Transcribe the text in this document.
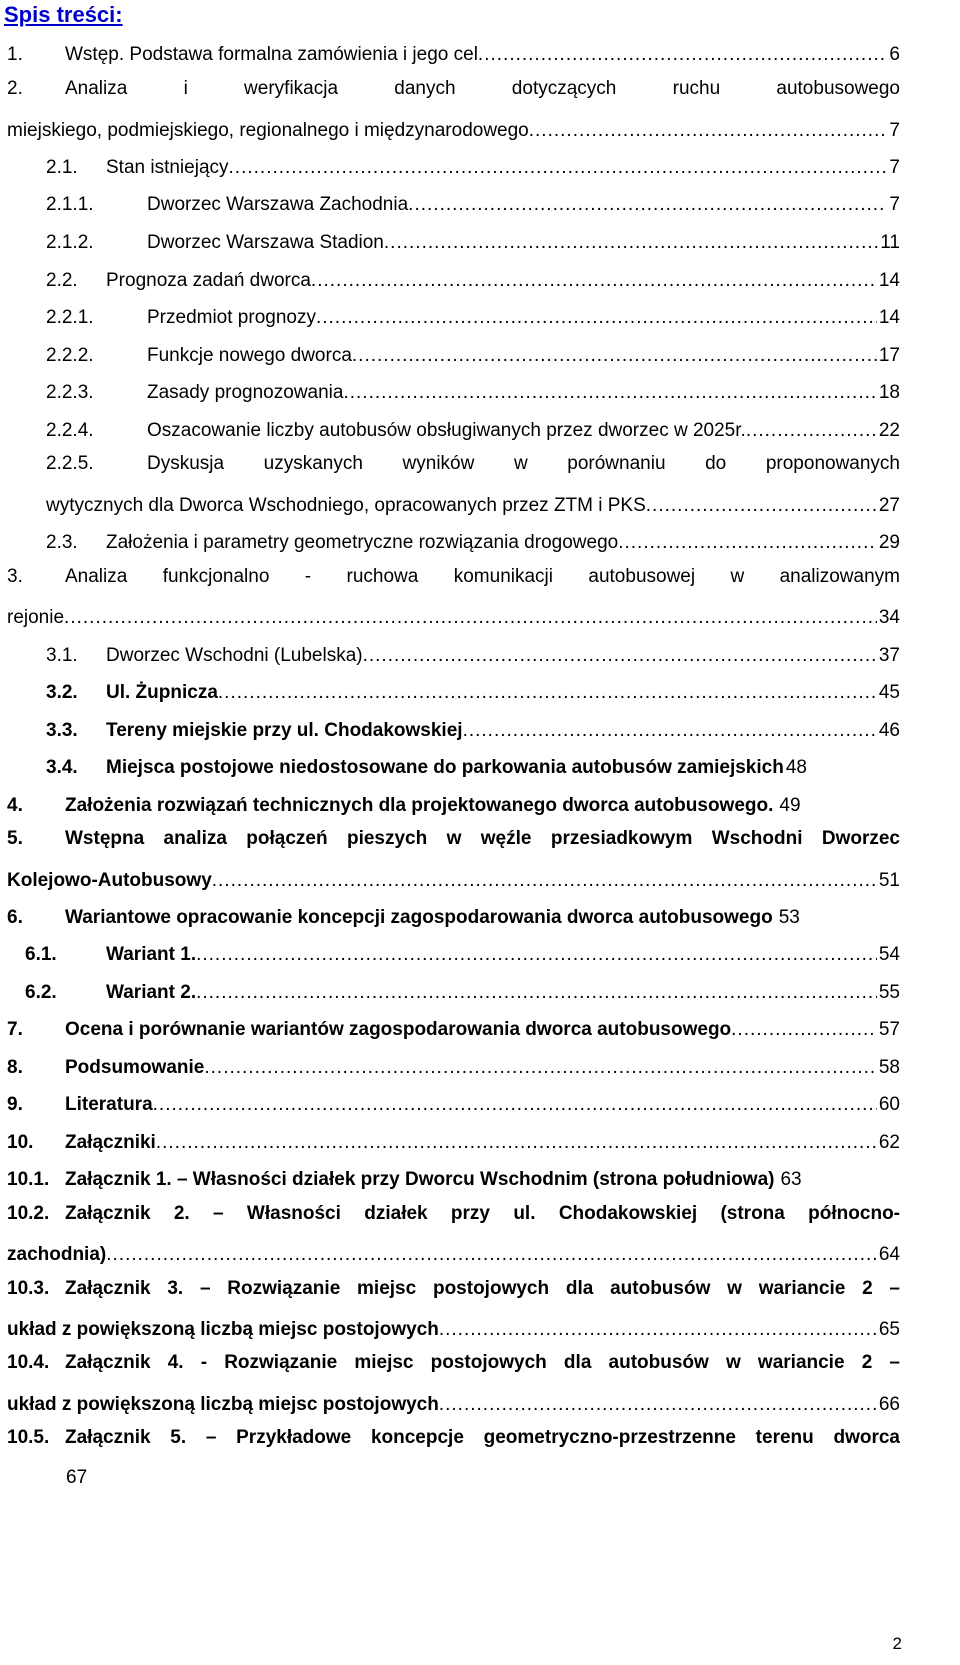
Spis treści:
1.	Wstęp. Podstawa formalna zamówienia i jego cel .....	6
2. Analiza i weryfikacja danych dotyczących ruchu autobusowego
miejskiego, podmiejskiego, regionalnego i międzynarodowego .....	7
2.1.	Stan istniejący .....	7
2.1.1.	Dworzec Warszawa Zachodnia .....	7
2.1.2.	Dworzec Warszawa Stadion .....	11
2.2.	Prognoza zadań dworca .....	14
2.2.1.	Przedmiot prognozy .....	14
2.2.2.	Funkcje nowego dworca .....	17
2.2.3.	Zasady prognozowania .....	18
2.2.4.	Oszacowanie liczby autobusów obsługiwanych przez dworzec w 2025r. .....	22
2.2.5.	Dyskusja uzyskanych wyników w porównaniu do proponowanych
wytycznych dla Dworca Wschodniego, opracowanych przez ZTM i PKS .....	27
2.3.	Założenia i parametry geometryczne rozwiązania drogowego .....	29
3. Analiza funkcjonalno - ruchowa komunikacji autobusowej w analizowanym
rejonie .....	34
3.1.	Dworzec Wschodni (Lubelska) .....	37
3.2.	Ul. Żupnicza .....	45
3.3.	Tereny miejskie przy ul. Chodakowskiej .....	46
3.4.	Miejsca postojowe niedostosowane do parkowania autobusów zamiejskich 48
4.	Założenia rozwiązań technicznych dla projektowanego dworca autobusowego. 49
5. Wstępna analiza połączeń pieszych w węźle przesiadkowym Wschodni Dworzec
Kolejowo-Autobusowy .....	51
6.	Wariantowe opracowanie koncepcji zagospodarowania dworca autobusowego 53
6.1.	Wariant 1. .....	54
6.2.	Wariant 2. .....	55
7.	Ocena i porównanie wariantów zagospodarowania dworca autobusowego .....	57
8.	Podsumowanie .....	58
9.	Literatura .....	60
10.	Załączniki .....	62
10.1. Załącznik 1. – Własności działek przy Dworcu Wschodnim (strona południowa) 63
10.2. Załącznik 2. – Własności działek przy ul. Chodakowskiej (strona północno-
zachodnia) .....	64
10.3. Załącznik 3. – Rozwiązanie miejsc postojowych dla autobusów w wariancie 2 –
układ z powiększoną liczbą miejsc postojowych .....	65
10.4. Załącznik 4. - Rozwiązanie miejsc postojowych dla autobusów w wariancie 2 –
układ z powiększoną liczbą miejsc postojowych .....	66
10.5. Załącznik 5. – Przykładowe koncepcje geometryczno-przestrzenne terenu dworca
67
2
